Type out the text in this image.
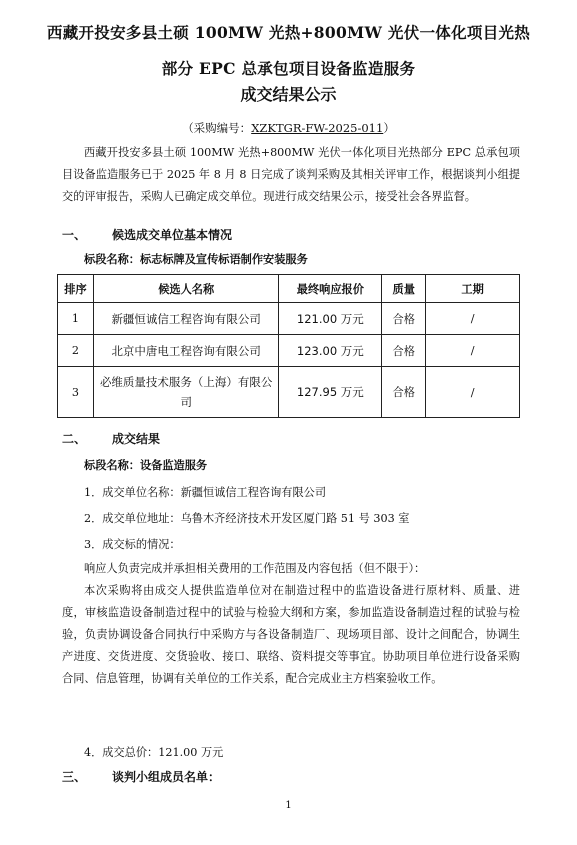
西藏开投安多县土硕 100MW 光热+800MW 光伏一体化项目光热
部分 EPC 总承包项目设备监造服务
成交结果公示
（采购编号：XZKTGR-FW-2025-011）
西藏开投安多县土硕 100MW 光热+800MW 光伏一体化项目光热部分 EPC 总承包项目设备监造服务已于 2025 年 8 月 8 日完成了谈判采购及其相关评审工作，根据谈判小组提交的评审报告，采购人已确定成交单位。现进行成交结果公示，接受社会各界监督。
一、 候选成交单位基本情况
标段名称：标志标牌及宣传标语制作安装服务
排序	候选人名称	最终响应报价	质量	工期
1	新疆恒诚信工程咨询有限公司	121.00 万元	合格	/
2	北京中唐电工程咨询有限公司	123.00 万元	合格	/
3	必维质量技术服务（上海）有限公司	127.95 万元	合格	/
二、 成交结果
标段名称：设备监造服务
1．成交单位名称：新疆恒诚信工程咨询有限公司
2．成交单位地址：乌鲁木齐经济技术开发区厦门路 51 号 303 室
3．成交标的情况：
响应人负责完成并承担相关费用的工作范围及内容包括（但不限于）：
本次采购将由成交人提供监造单位对在制造过程中的监造设备进行原材料、质量、进度，审核监造设备制造过程中的试验与检验大纲和方案，参加监造设备制造过程的试验与检验，负责协调设备合同执行中采购方与各设备制造厂、现场项目部、设计之间配合，协调生产进度、交货进度、交货验收、接口、联络、资料提交等事宜。协助项目单位进行设备采购合同、信息管理，协调有关单位的工作关系，配合完成业主方档案验收工作。
4．成交总价：121.00 万元
三、 谈判小组成员名单：
1
